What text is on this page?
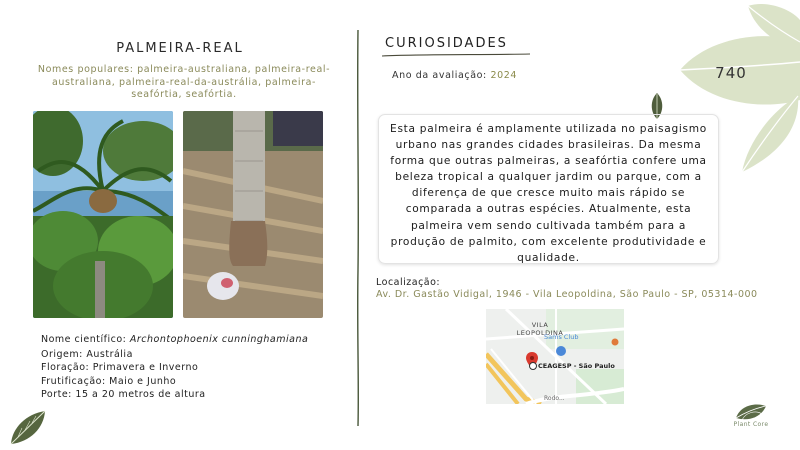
740
PALMEIRA-REAL
Nomes populares: palmeira-australiana, palmeira-real-australiana, palmeira-real-da-austrália, palmeira-seafórtia, seafórtia.
Nome científico: Archontophoenix cunninghamiana
Origem: Austrália
Floração: Primavera e Inverno
Frutificação: Maio e Junho
Porte: 15 a 20 metros de altura
CURIOSIDADES
Ano da avaliação: 2024

Esta palmeira é amplamente utilizada no paisagismo urbano nas grandes cidades brasileiras. Da mesma forma que outras palmeiras, a seafórtia confere uma beleza tropical a qualquer jardim ou parque, com a diferença de que cresce muito mais rápido se comparada a outras espécies. Atualmente, esta palmeira vem sendo cultivada também para a produção de palmito, com excelente produtividade e qualidade.

Localização:
Av. Dr. Gastão Vidigal, 1946 - Vila Leopoldina, São Paulo - SP, 05314-000
VILA LEOPOLDINA
Sams Club
CEAGESP - São Paulo
Rodo...
Plant Core
